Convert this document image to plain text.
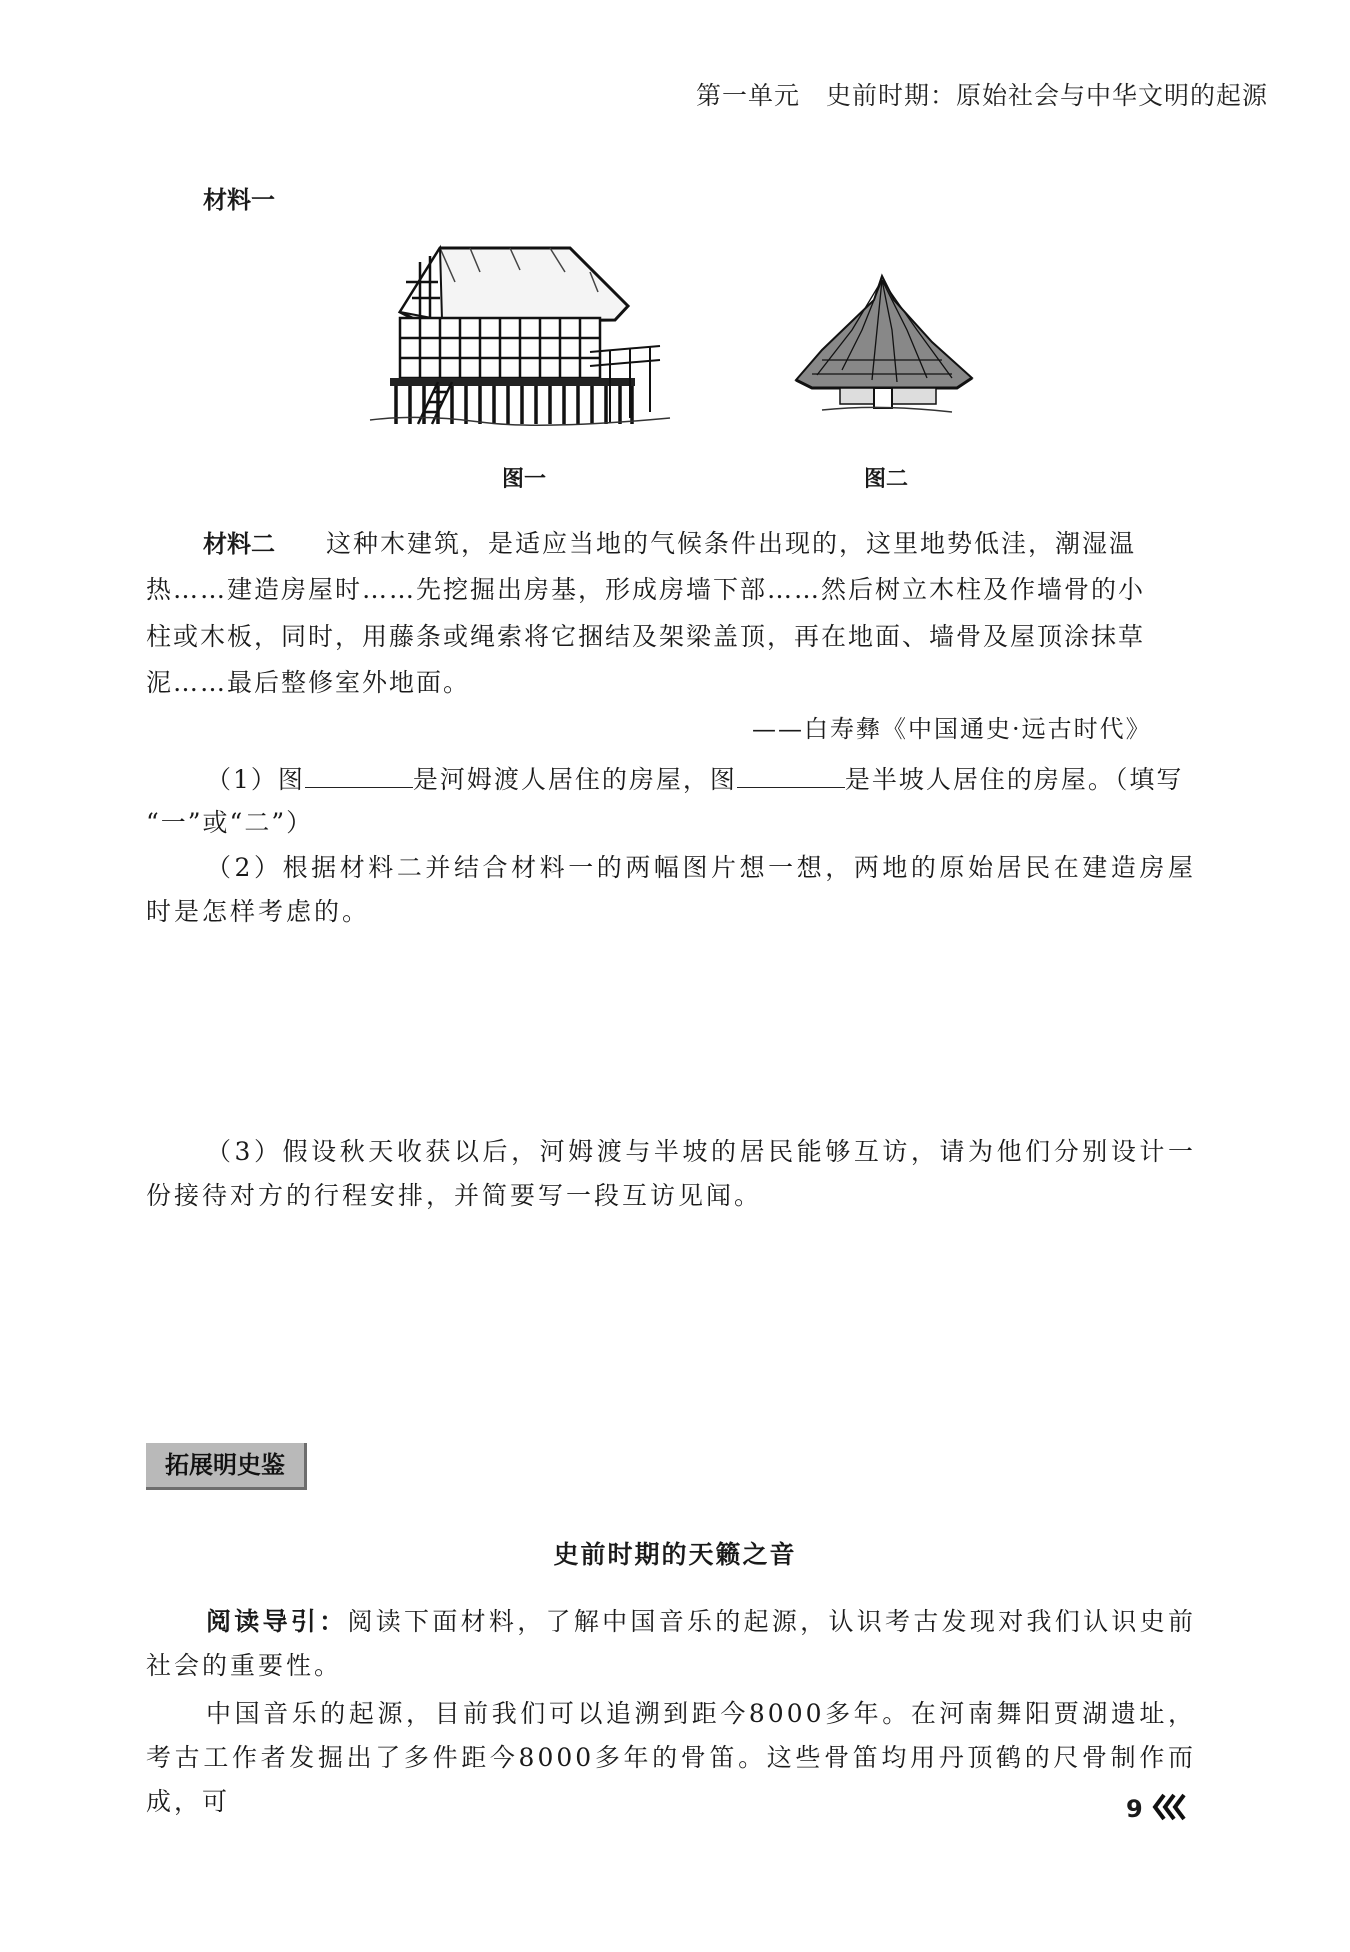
第一单元　史前时期：原始社会与中华文明的起源
材料一
图一	图二
材料二 这种木建筑，是适应当地的气候条件出现的，这里地势低洼，潮湿温
热……建造房屋时……先挖掘出房基，形成房墙下部……然后树立木柱及作墙骨的小
柱或木板，同时，用藤条或绳索将它捆结及架梁盖顶，再在地面、墙骨及屋顶涂抹草
泥……最后整修室外地面。
——白寿彝《中国通史·远古时代》
（1）图	是河姆渡人居住的房屋，图	是半坡人居住的房屋。（填写
“一”或“二”）
（2）根据材料二并结合材料一的两幅图片想一想，两地的原始居民在建造房屋时是怎样考虑的。
（3）假设秋天收获以后，河姆渡与半坡的居民能够互访，请为他们分别设计一份接待对方的行程安排，并简要写一段互访见闻。
拓展明史鉴
史前时期的天籁之音
阅读导引：阅读下面材料，了解中国音乐的起源，认识考古发现对我们认识史前社会的重要性。
中国音乐的起源，目前我们可以追溯到距今8000多年。在河南舞阳贾湖遗址，考古工作者发掘出了多件距今8000多年的骨笛。这些骨笛均用丹顶鹤的尺骨制作而成，可	9
